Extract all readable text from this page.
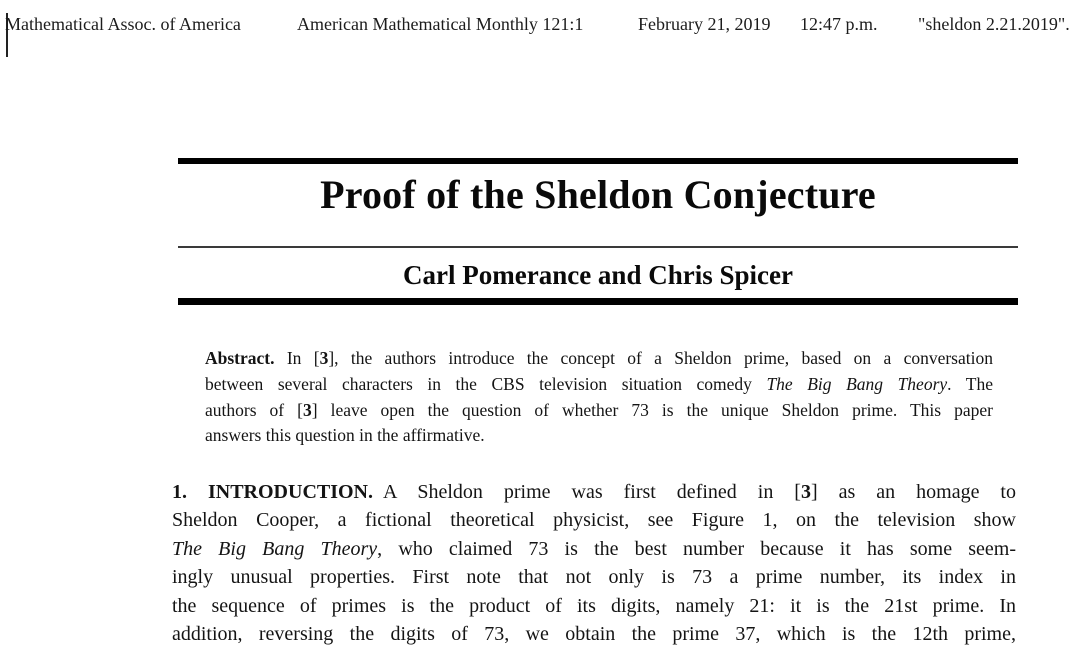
Mathematical Assoc. of America	American Mathematical Monthly 121:1	February 21, 2019 12:47 p.m. "sheldon 2.21.2019".
Proof of the Sheldon Conjecture
Carl Pomerance and Chris Spicer
Abstract. In [3], the authors introduce the concept of a Sheldon prime, based on a conversation
between several characters in the CBS television situation comedy The Big Bang Theory. The
authors of [3] leave open the question of whether 73 is the unique Sheldon prime. This paper
answers this question in the affirmative.
1. INTRODUCTION. A Sheldon prime was first defined in [3] as an homage to
Sheldon Cooper, a fictional theoretical physicist, see Figure 1, on the television show
The Big Bang Theory, who claimed 73 is the best number because it has some seem-
ingly unusual properties. First note that not only is 73 a prime number, its index in
the sequence of primes is the product of its digits, namely 21: it is the 21st prime. In
addition, reversing the digits of 73, we obtain the prime 37, which is the 12th prime,
